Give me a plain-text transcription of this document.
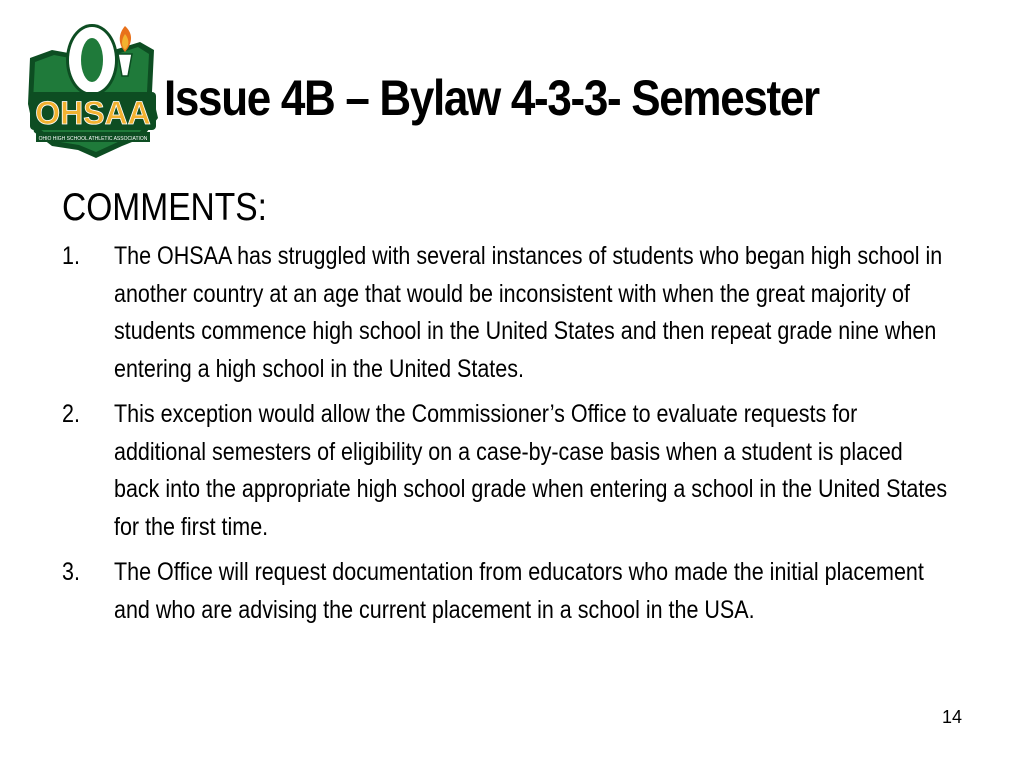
OHSAA
OHIO HIGH SCHOOL ATHLETIC ASSOCIATION
Issue 4B – Bylaw 4-3-3- Semester
COMMENTS:
1. The OHSAA has struggled with several instances of students who began high school in another country at an age that would be inconsistent with when the great majority of students commence high school in the United States and then repeat grade nine when entering a high school in the United States.
2. This exception would allow the Commissioner’s Office to evaluate requests for additional semesters of eligibility on a case-by-case basis when a student is placed back into the appropriate high school grade when entering a school in the United States for the first time.
3. The Office will request documentation from educators who made the initial placement and who are advising the current placement in a school in the USA.
14
